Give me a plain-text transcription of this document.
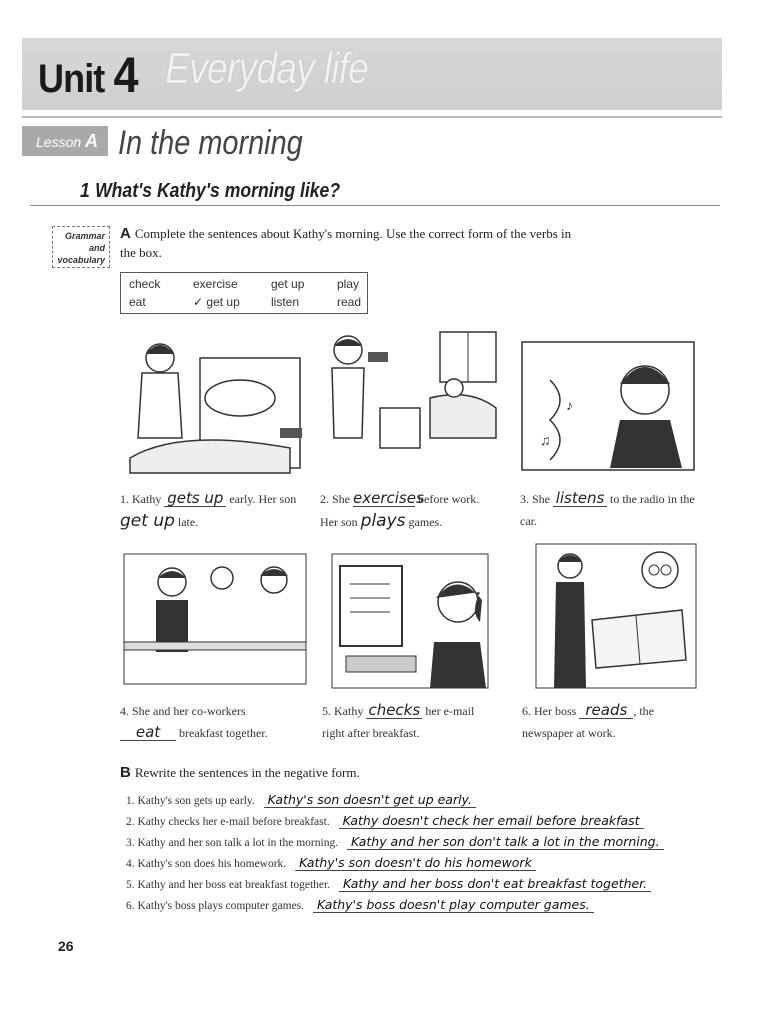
Unit 4 Everyday life
Lesson A In the morning
1 What's Kathy's morning like?
Grammar
and
vocabulary
A Complete the sentences about Kathy's morning. Use the correct form of the verbs in the box.
check	exercise	get up	play
eat	✓ get up	listen	read
♪
♫
1. Kathy gets up early. Her son get up late.
2. She exercises before work. Her son plays games.
3. She listens to the radio in the car.
4. She and her co-workers
eat breakfast together.
5. Kathy checks her e-mail
right after breakfast.
6. Her boss reads , the
newspaper at work.
B Rewrite the sentences in the negative form.
1. Kathy's son gets up early. Kathy's son doesn't get up early.
2. Kathy checks her e-mail before breakfast. Kathy doesn't check her email before breakfast
3. Kathy and her son talk a lot in the morning. Kathy and her son don't talk a lot in the morning.
4. Kathy's son does his homework. Kathy's son doesn't do his homework
5. Kathy and her boss eat breakfast together. Kathy and her boss don't eat breakfast together.
6. Kathy's boss plays computer games. Kathy's boss doesn't play computer games.
26
